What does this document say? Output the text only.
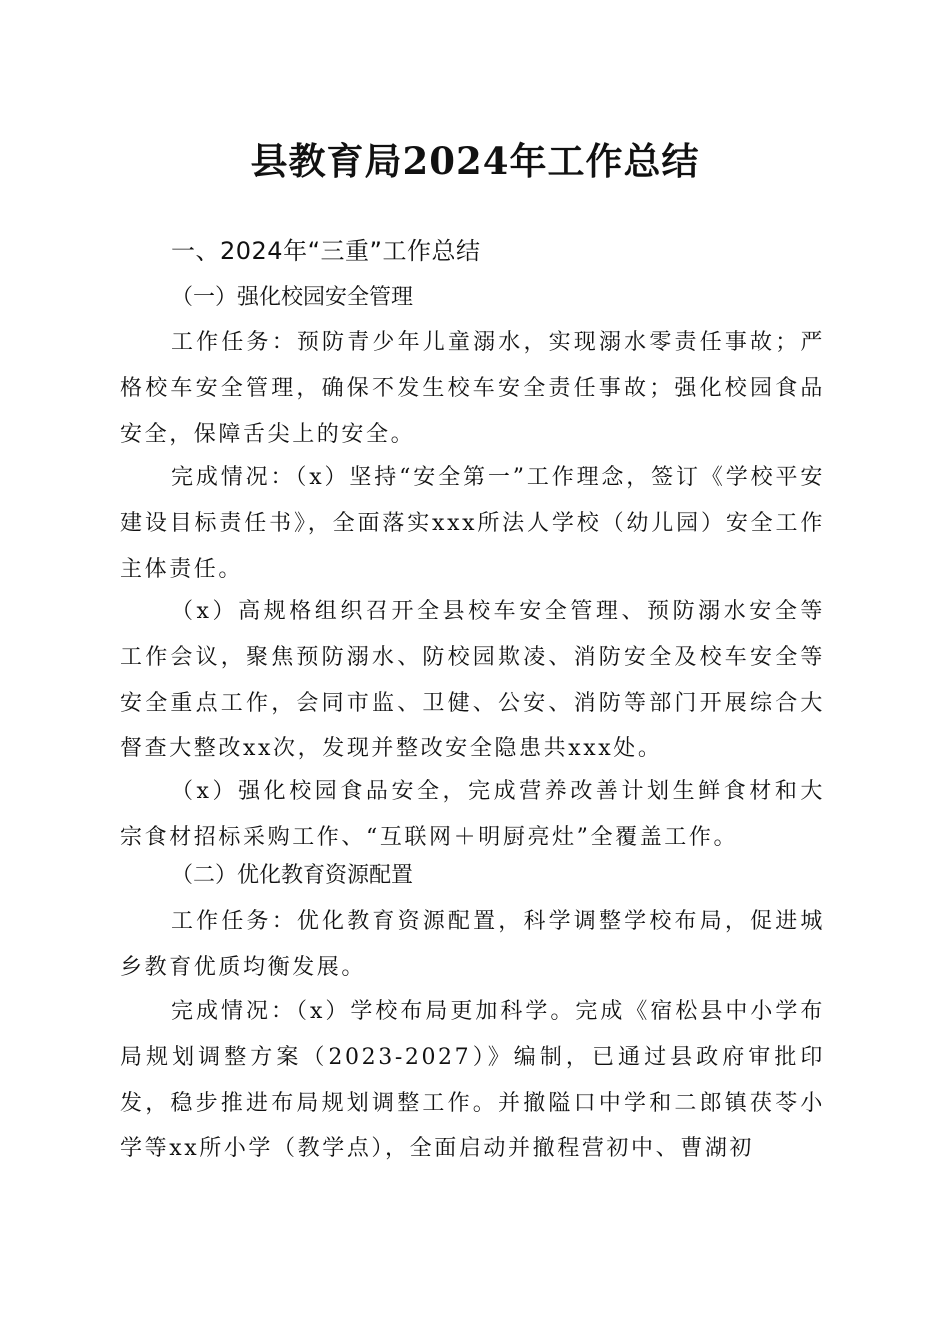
县教育局2024年工作总结
一、2024年“三重”工作总结
（一）强化校园安全管理

工作任务：预防青少年儿童溺水，实现溺水零责任事故；严格校车安全管理，确保不发生校车安全责任事故；强化校园食品安全，保障舌尖上的安全。

完成情况：（x）坚持“安全第一”工作理念，签订《学校平安建设目标责任书》，全面落实xxx所法人学校（幼儿园）安全工作主体责任。

（x）高规格组织召开全县校车安全管理、预防溺水安全等工作会议，聚焦预防溺水、防校园欺凌、消防安全及校车安全等安全重点工作，会同市监、卫健、公安、消防等部门开展综合大督查大整改xx次，发现并整改安全隐患共xxx处。

（x）强化校园食品安全，完成营养改善计划生鲜食材和大宗食材招标采购工作、“互联网＋明厨亮灶”全覆盖工作。

（二）优化教育资源配置

工作任务：优化教育资源配置，科学调整学校布局，促进城乡教育优质均衡发展。

完成情况：（x）学校布局更加科学。完成《宿松县中小学布局规划调整方案（2023-2027）》编制，已通过县政府审批印发，稳步推进布局规划调整工作。并撤隘口中学和二郎镇茯苓小学等xx所小学（教学点），全面启动并撤程营初中、曹湖初
